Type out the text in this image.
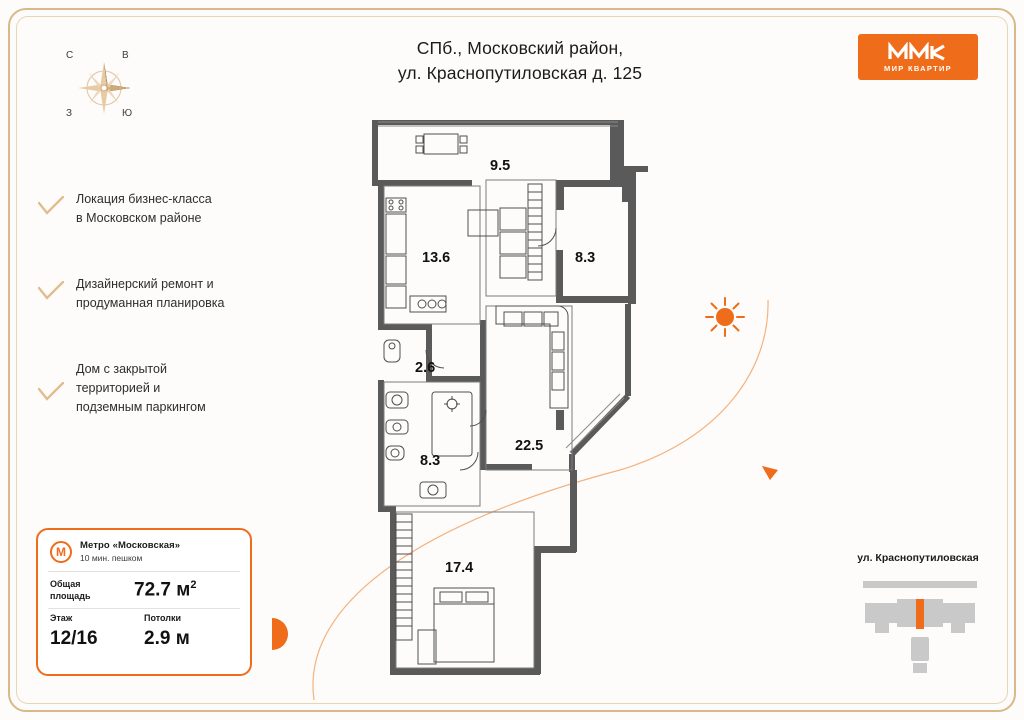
СПб., Московский район,
ул. Краснопутиловская д. 125	МИР КВАРТИР
С	В
З	Ю
Локация бизнес-класса
в Московском районе
Дизайнерский ремонт и
продуманная планировка
Дом с закрытой
территорией и
подземным паркингом
M	Метро «Московская»
10 мин. пешком
Общая
площадь	72.7 $м^2$
Этаж
12/16
Потолки
2.9 м
ул. Краснопутиловская
9.5
13.6	8.3
2.6
8.3
22.5
17.4
